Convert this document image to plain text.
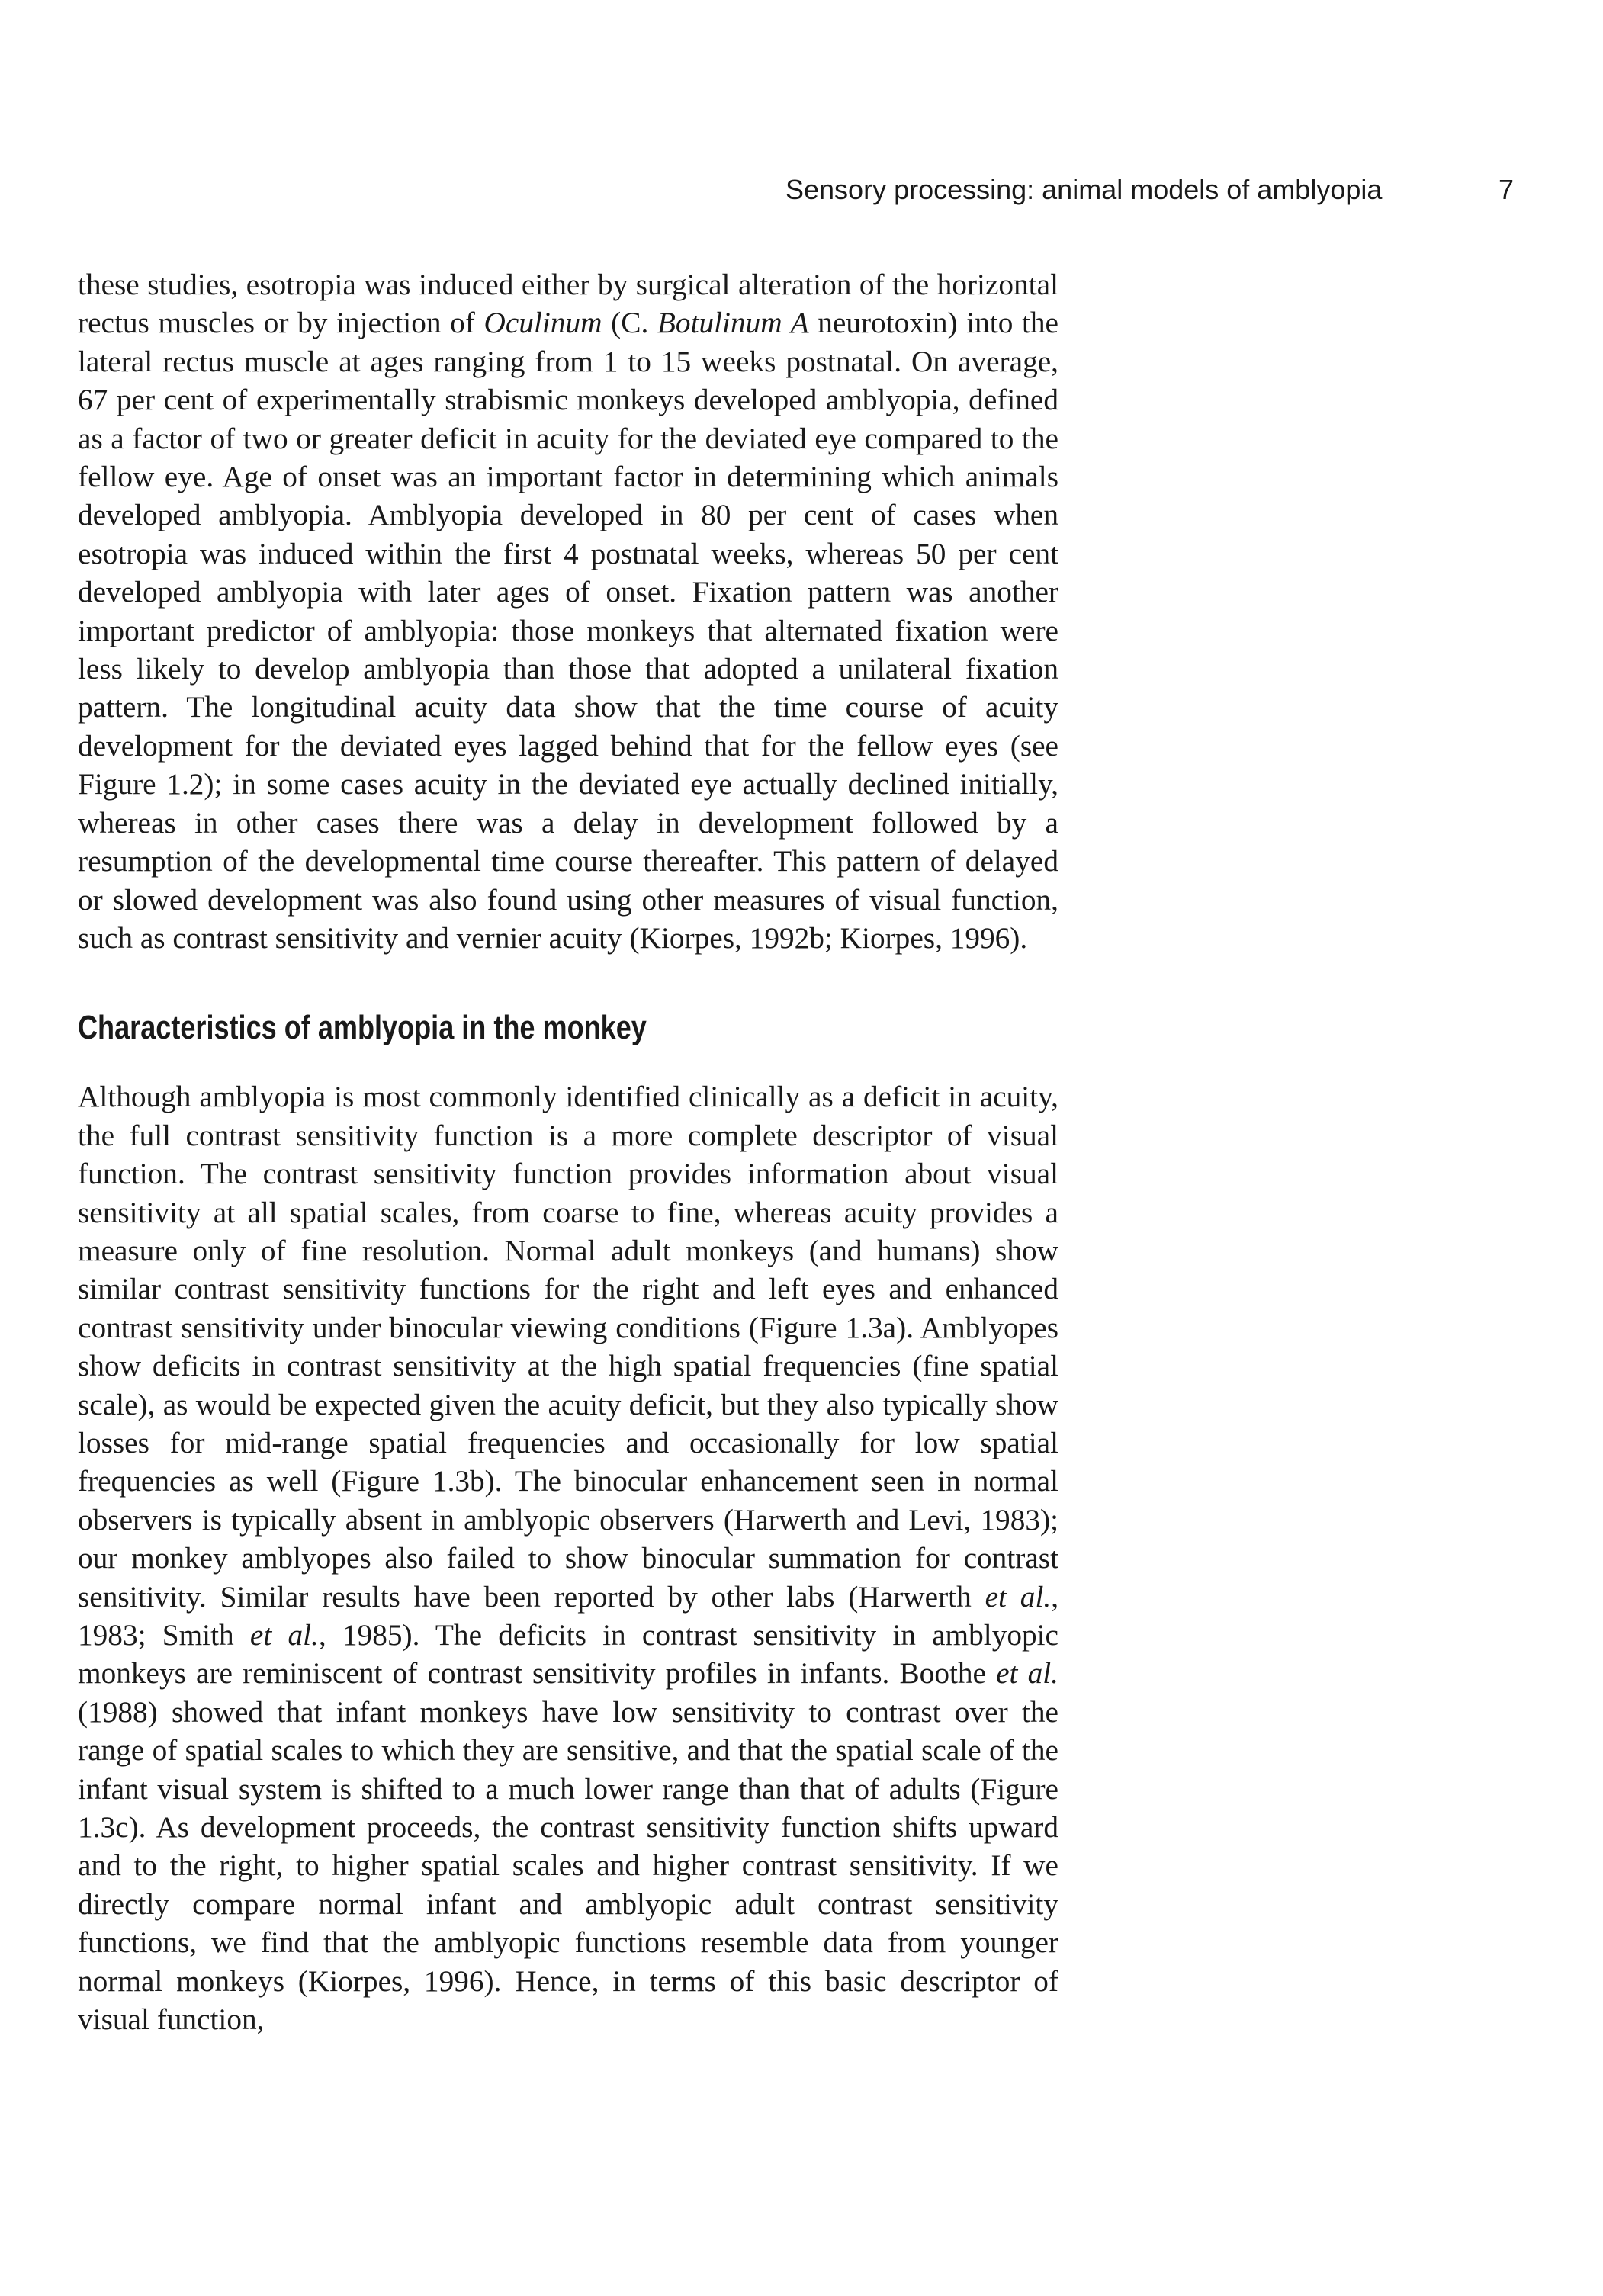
Sensory processing: animal models of amblyopia	7

these studies, esotropia was induced either by surgical alteration of the horizontal rectus muscles or by injection of Oculinum (C. Botulinum A neurotoxin) into the lateral rectus muscle at ages ranging from 1 to 15 weeks postnatal. On average, 67 per cent of experimentally strabismic monkeys developed amblyopia, defined as a factor of two or greater deficit in acuity for the deviated eye compared to the fellow eye. Age of onset was an important factor in determining which animals developed amblyopia. Amblyopia developed in 80 per cent of cases when esotropia was induced within the first 4 postnatal weeks, whereas 50 per cent developed amblyopia with later ages of onset. Fixation pattern was another important predictor of amblyopia: those monkeys that alternated fixation were less likely to develop amblyopia than those that adopted a unilateral fixation pattern. The longitudinal acuity data show that the time course of acuity development for the deviated eyes lagged behind that for the fellow eyes (see Figure 1.2); in some cases acuity in the deviated eye actually declined initially, whereas in other cases there was a delay in development followed by a resumption of the developmental time course thereafter. This pattern of delayed or slowed development was also found using other measures of visual function, such as contrast sensitivity and vernier acuity (Kiorpes, 1992b; Kiorpes, 1996).

Characteristics of amblyopia in the monkey

Although amblyopia is most commonly identified clinically as a deficit in acuity, the full contrast sensitivity function is a more complete descriptor of visual function. The contrast sensitivity function provides information about visual sensitivity at all spatial scales, from coarse to fine, whereas acuity provides a measure only of fine resolution. Normal adult monkeys (and humans) show similar contrast sensitivity functions for the right and left eyes and enhanced contrast sensitivity under binocular viewing conditions (Figure 1.3a). Amblyopes show deficits in contrast sensitivity at the high spatial frequencies (fine spatial scale), as would be expected given the acuity deficit, but they also typically show losses for mid-range spatial frequencies and occasionally for low spatial frequencies as well (Figure 1.3b). The binocular enhancement seen in normal observers is typically absent in amblyopic observers (Harwerth and Levi, 1983); our monkey amblyopes also failed to show binocular summation for contrast sensitivity. Similar results have been reported by other labs (Harwerth et al., 1983; Smith et al., 1985). The deficits in contrast sensitivity in amblyopic monkeys are reminiscent of contrast sensitivity profiles in infants. Boothe et al. (1988) showed that infant monkeys have low sensitivity to contrast over the range of spatial scales to which they are sensitive, and that the spatial scale of the infant visual system is shifted to a much lower range than that of adults (Figure 1.3c). As development proceeds, the contrast sensitivity function shifts upward and to the right, to higher spatial scales and higher contrast sensitivity. If we directly compare normal infant and amblyopic adult contrast sensitivity functions, we find that the amblyopic functions resemble data from younger normal monkeys (Kiorpes, 1996). Hence, in terms of this basic descriptor of visual function,
